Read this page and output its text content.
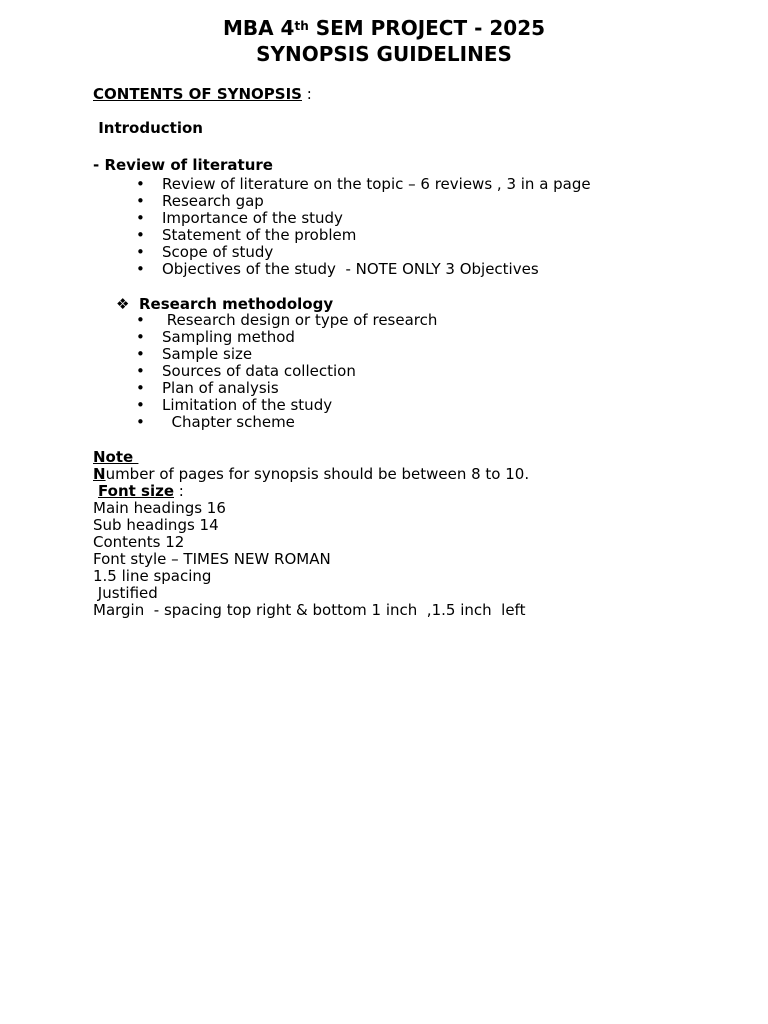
MBA 4th SEM PROJECT - 2025
SYNOPSIS GUIDELINES
CONTENTS OF SYNOPSIS :
Introduction
- Review of literature
• Review of literature on the topic – 6 reviews , 3 in a page
• Research gap
• Importance of the study
• Statement of the problem
• Scope of study
• Objectives of the study  - NOTE ONLY 3 Objectives
❖ Research methodology
• Research design or type of research
• Sampling method
• Sample size
• Sources of data collection
• Plan of analysis
• Limitation of the study
•  Chapter scheme
Note
Number of pages for synopsis should be between 8 to 10.
Font size :
Main headings 16
Sub headings 14
Contents 12
Font style – TIMES NEW ROMAN
1.5 line spacing
Justified
Margin  - spacing top right & bottom 1 inch  ,1.5 inch  left
